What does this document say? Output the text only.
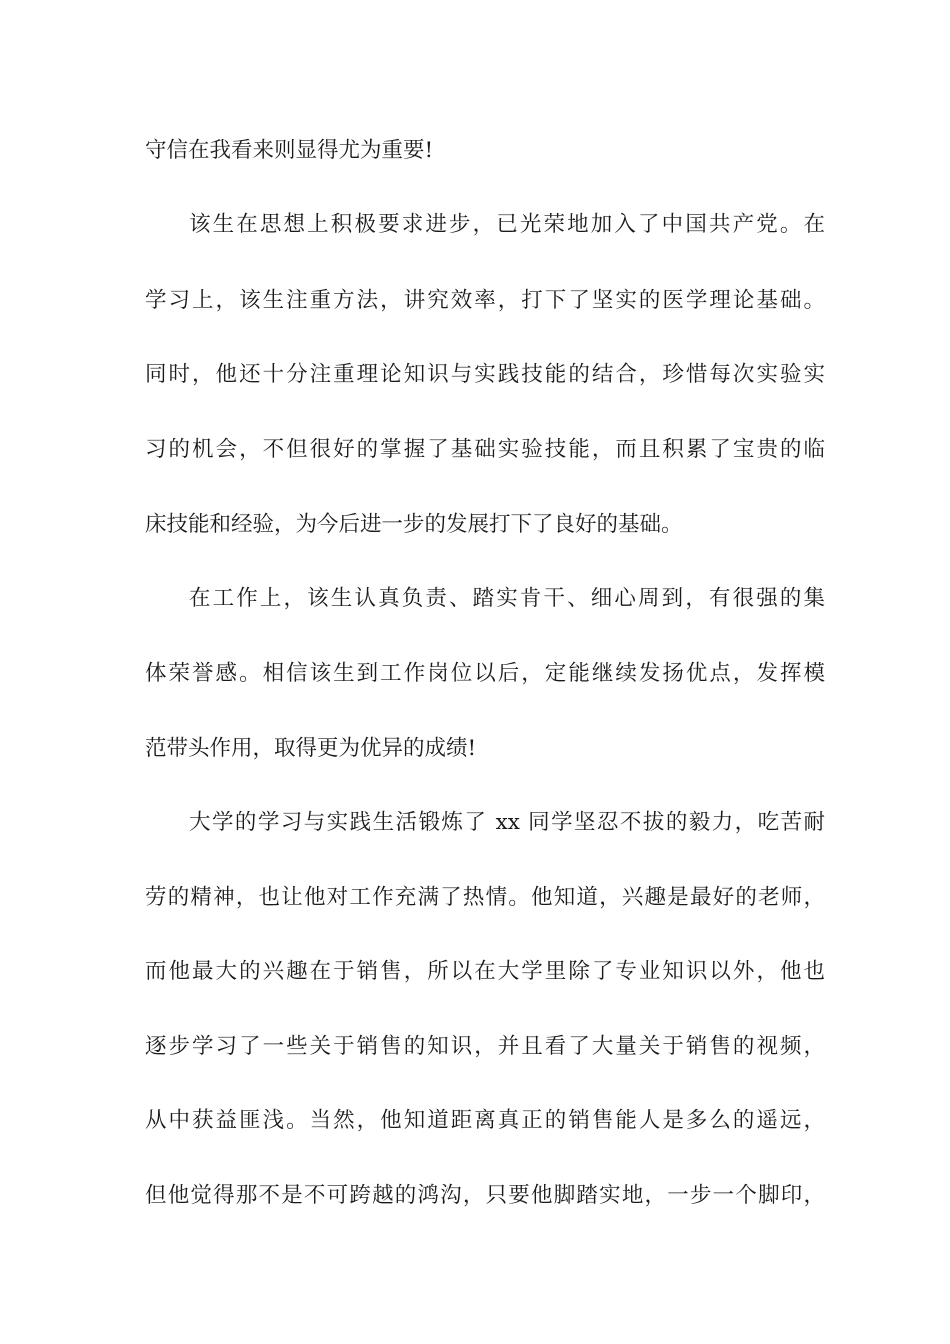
守信在我看来则显得尤为重要!
该生在思想上积极要求进步，已光荣地加入了中国共产党。在
学习上，该生注重方法，讲究效率，打下了坚实的医学理论基础。
同时，他还十分注重理论知识与实践技能的结合，珍惜每次实验实
习的机会，不但很好的掌握了基础实验技能，而且积累了宝贵的临
床技能和经验，为今后进一步的发展打下了良好的基础。
在工作上，该生认真负责、踏实肯干、细心周到，有很强的集
体荣誉感。相信该生到工作岗位以后，定能继续发扬优点，发挥模
范带头作用，取得更为优异的成绩!
大学的学习与实践生活锻炼了 xx 同学坚忍不拔的毅力，吃苦耐
劳的精神，也让他对工作充满了热情。他知道，兴趣是最好的老师，
而他最大的兴趣在于销售，所以在大学里除了专业知识以外，他也
逐步学习了一些关于销售的知识，并且看了大量关于销售的视频，
从中获益匪浅。当然，他知道距离真正的销售能人是多么的遥远，
但他觉得那不是不可跨越的鸿沟，只要他脚踏实地，一步一个脚印，
